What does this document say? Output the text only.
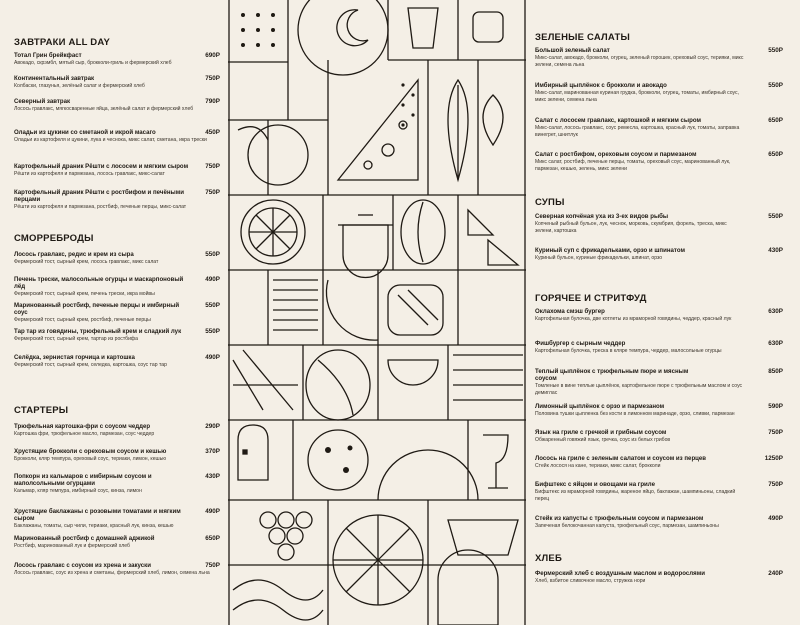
ЗАВТРАКИ ALL DAY
Тотал Грин брейкфаст	690Р
Авокадо, скрэмбл, мятый сыр, брокколи-гриль и фермерский хлеб
Континентальный завтрак	750Р
Колбаски, глазунья, зелёный салат и фермерский хлеб
Северный завтрак	790Р
Лосось гравлакс, мягкосваренные яйца, зелёный салат и фермерский хлеб
Оладьи из цукини со сметаной и икрой масаго	450Р
Оладьи из картофеля и цукини, лука и чеснока, микс салат, сметана, икра трески
Картофельный драник Рёшти с лососем и мягким сыром	750Р
Рёшти из картофеля и пармезана, лосось гравлакс, микс-салат
Картофельный драник Рёшти с ростбифом и печёными перцами
750Р
Рёшти из картофеля и пармезана, ростбиф, печеные перцы, микс-салат
СМОРРЕБРОДЫ
Лосось гравлакс, редис и крем из сыра	550Р
Фермерский тост, сырный крем, лосось гравлакс, микс салат
Печень трески, малосольные огурцы и маскарпоновый лёд
490Р
Фермерский тост, сырный крем, печень трески, икра мойвы
Маринованный ростбиф, печеные перцы и имбирный соус
550Р
Фермерский тост, сырный крем, ростбиф, печеные перцы
Тар тар из говядины, трюфельный крем и сладкий лук	550Р
Фермерский тост, сырный крем, тартар из ростбифа
Селёдка, зернистая горчица и картошка	490Р
Фермерский тост, сырный крем, селедка, картошка, соус тар тар
СТАРТЕРЫ
Трюфельная картошка-фри с соусом чеддер	290Р
Картошка фри, трюфельное масло, пармезан, соус чеддер
Хрустящие брокколи с ореховым соусом и кешью	370Р
Брокколи, кляр темпура, ореховый соус, териаки, лимон, кешью
Попкорн из кальмаров с имбирным соусом и маполсольными огурцами
430Р
Кальмар, кляр темпура, имбирный соус, кинза, лимон
Хрустящие баклажаны с розовыми томатами и мягким сыром
490Р
Баклажаны, томаты, сыр чили, териаки, красный лук, кинза, кешью
Маринованный ростбиф с домашней аджикой	650Р
Ростбиф, маринованный лук и фермерский хлеб
Лосось гравлакс с соусом из хрена и закуски	750Р
Лосось гравлакс, соус из хрена и сметаны, фермерский хлеб, лимон, семена льна
ЗЕЛЕНЫЕ САЛАТЫ
Большой зеленый салат	550Р
Микс-салат, авокадо, брокколи, огурец, зеленый горошек, ореховый соус, терияки, микс зелени, семена льна
Имбирный цыплёнок с брокколи и авокадо	550Р
Микс-салат, маринованная куриная грудка, брокколи, огурец, томаты, имбирный соус, микс зелени, семена льна
Салат с лососем гравлакс, картошкой и мягким сыром	650Р
Микс-салат, лосось гравлакс, соус ремесла, картошка, красный лук, томаты, заправка винегрет, шнитлук
Салат с ростбифом, ореховым соусом и пармезаном	650Р
Микс салат, ростбиф, печеные перцы, томаты, ореховый соус, маринованный лук, пармезан, кешью, зелень, микс зелени
СУПЫ
Северная копчёная уха из 3-ех видов рыбы	550Р
Копченый рыбный бульон, лук, чеснок, морковь, скумбрия, форель, треска, микс зелени, картошка
Куриный суп с фрикадельками, орзо и шпинатом	430Р
Куриный бульон, куриные фрикадельки, шпинат, орзо
ГОРЯЧЕЕ И СТРИТФУД
Оклахома смэш бургер	630Р
Картофельная булочка, две котлеты из мраморной говядины, чеддер, красный лук
Фишбургер с сырным чеддер	630Р
Картофельная булочка, треска в кляре темпура, чеддер, малосольные огурцы
Теплый цыплёнок с трюфельным пюре и мясным соусом
850Р
Томленые в вине теплые цыплёнок, картофельное пюре с трюфельным маслом и соус демиглас
Лимонный цыплёнок с орзо и пармезаном	590Р
Половина тушки цыпленка без кости в лимонном маринаде, орзо, сливки, пармезан
Язык на гриле с гречкой и грибным соусом	750Р
Обжаренный говяжий язык, гречка, соус из белых грибов
Лосось на гриле с зеленым салатом и соусом из перцев	1250Р
Стейк лосося на кане, териаки, микс салат, брокколи
Бифштекс с яйцом и овощами на гриле	750Р
Бифштекс из мраморной говядины, жареное яйцо, баклажан, шампиньоны, сладкий перец
Стейк из капусты с трюфельным соусом и пармезаном	490Р
Запеченая белокочанная капуста, трюфельный соус, пармезан, шампиньоны
ХЛЕБ
Фермерский хлеб с воздушным маслом и водорослями	240Р
Хлеб, взбитое сливочное масло, стружка нори
